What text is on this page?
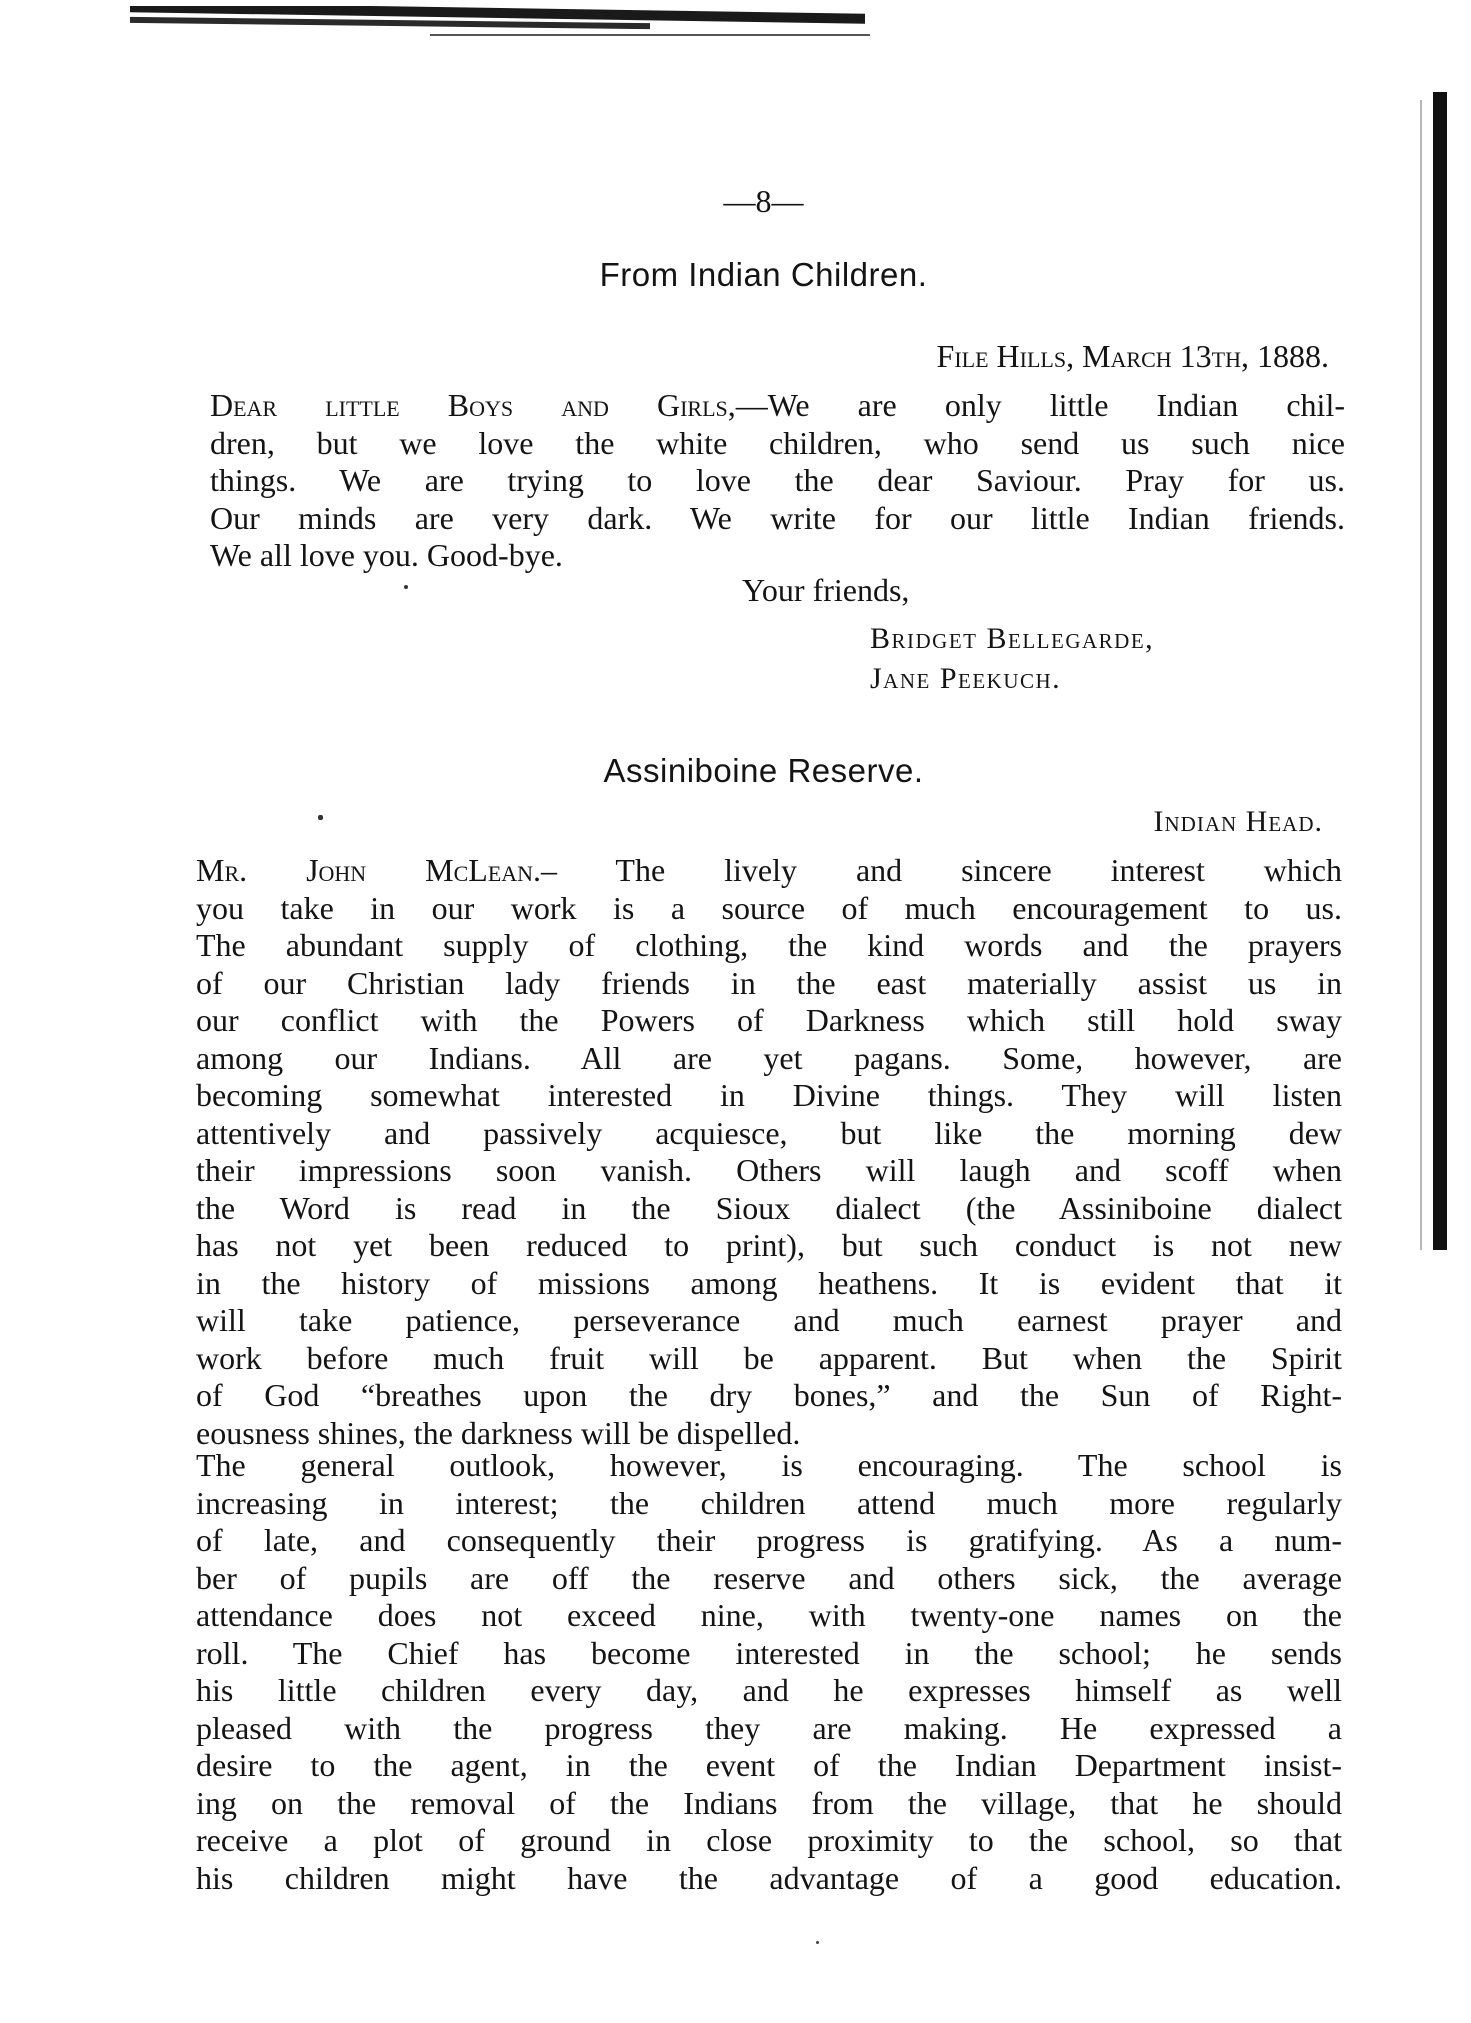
—8—
From Indian Children.
File Hills, March 13th, 1888.
Dear little Boys and Girls,—We are only little Indian chil-
dren, but we love the white children, who send us such nice
things. We are trying to love the dear Saviour. Pray for us.
Our minds are very dark. We write for our little Indian friends.
We all love you. Good-bye.
Your friends,
Bridget Bellegarde,
Jane Peekuch.
Assiniboine Reserve.
Indian Head.
Mr. John McLean.– The lively and sincere interest which
you take in our work is a source of much encouragement to us.
The abundant supply of clothing, the kind words and the prayers
of our Christian lady friends in the east materially assist us in
our conflict with the Powers of Darkness which still hold sway
among our Indians. All are yet pagans. Some, however, are
becoming somewhat interested in Divine things. They will listen
attentively and passively acquiesce, but like the morning dew
their impressions soon vanish. Others will laugh and scoff when
the Word is read in the Sioux dialect (the Assiniboine dialect
has not yet been reduced to print), but such conduct is not new
in the history of missions among heathens. It is evident that it
will take patience, perseverance and much earnest prayer and
work before much fruit will be apparent. But when the Spirit
of God “breathes upon the dry bones,” and the Sun of Right-
eousness shines, the darkness will be dispelled.
The general outlook, however, is encouraging. The school is
increasing in interest; the children attend much more regularly
of late, and consequently their progress is gratifying. As a num-
ber of pupils are off the reserve and others sick, the average
attendance does not exceed nine, with twenty-one names on the
roll. The Chief has become interested in the school; he sends
his little children every day, and he expresses himself as well
pleased with the progress they are making. He expressed a
desire to the agent, in the event of the Indian Department insist-
ing on the removal of the Indians from the village, that he should
receive a plot of ground in close proximity to the school, so that
his children might have the advantage of a good education.
